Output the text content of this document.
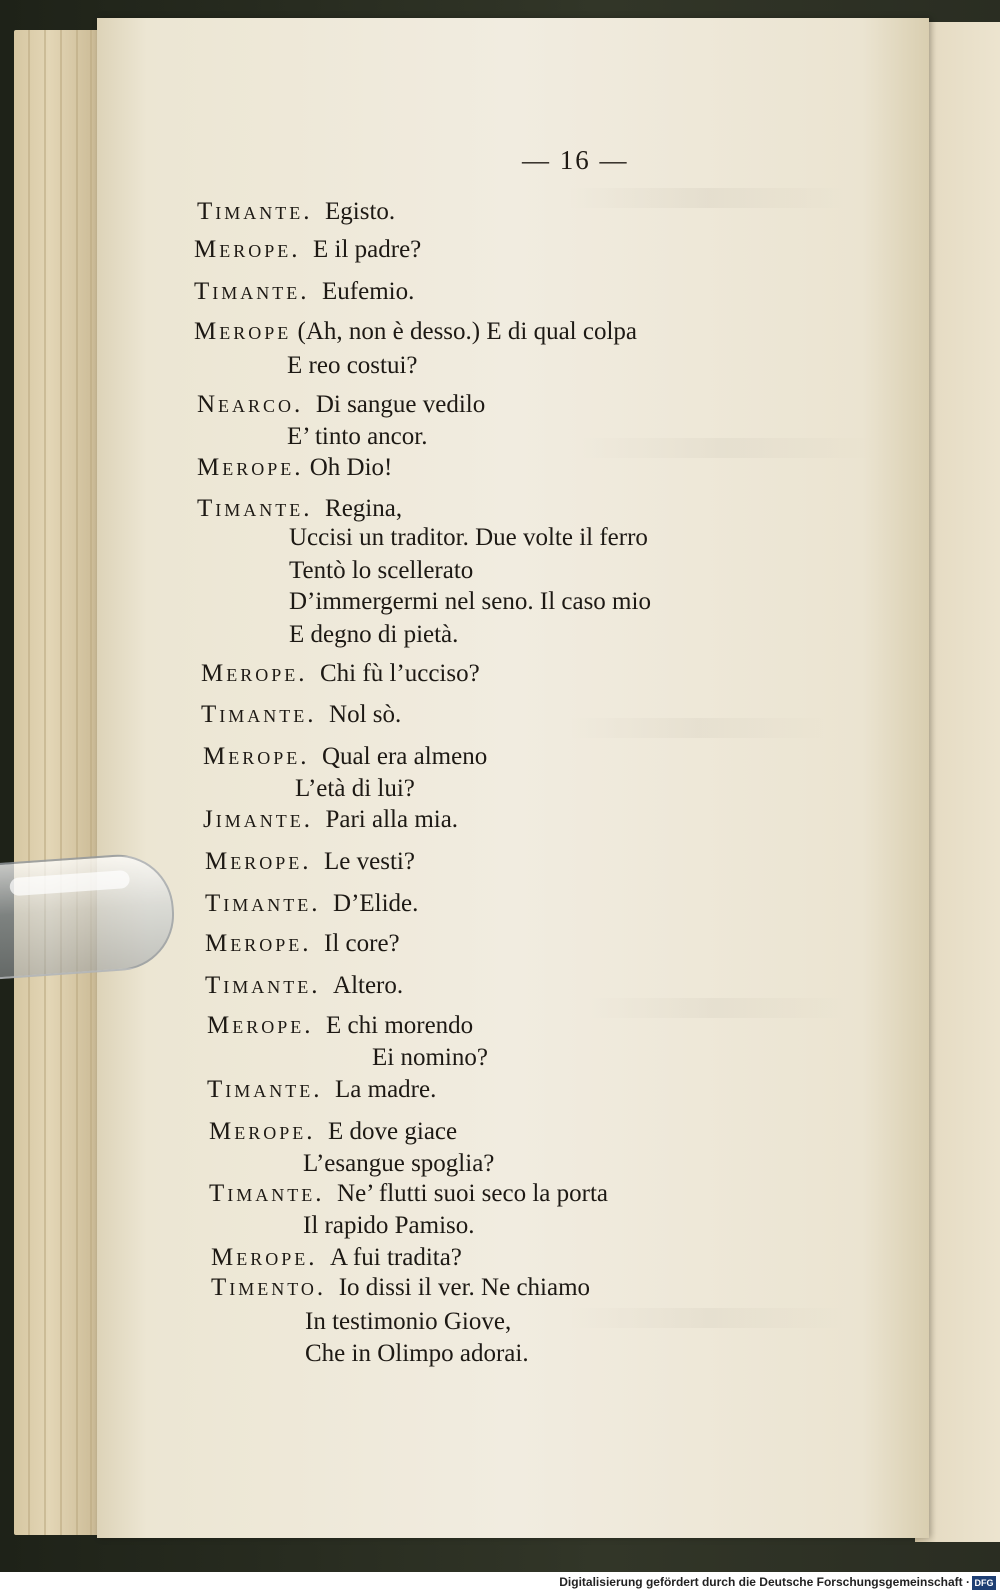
— 16 —
Timante. Egisto.
Merope. E il padre?
Timante. Eufemio.
Merope (Ah, non è desso.) E di qual colpa
E reo costui?
Nearco. Di sangue vedilo
E’ tinto ancor.
Merope. Oh Dio!
Timante. Regina,
Uccisi un traditor. Due volte il ferro
Tentò lo scellerato
D’immergermi nel seno. Il caso mio
E degno di pietà.
Merope. Chi fù l’ucciso?
Timante. Nol sò.
Merope. Qual era almeno
L’età di lui?
Jimante. Pari alla mia.
Merope. Le vesti?
Timante. D’Elide.
Merope. Il core?
Timante. Altero.
Merope. E chi morendo
Ei nomino?
Timante. La madre.
Merope. E dove giace
L’esangue spoglia?
Timante. Ne’ flutti suoi seco la porta
Il rapido Pamiso.
Merope. A fui tradita?
Timento. Io dissi il ver. Ne chiamo
In testimonio Giove,
Che in Olimpo adorai.
Digitalisierung gefördert durch die Deutsche Forschungsgemeinschaft · DFG
